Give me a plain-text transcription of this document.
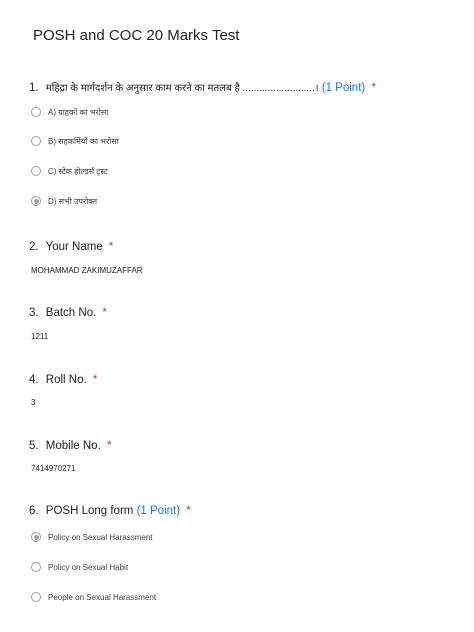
POSH and COC 20 Marks Test
1. महिद्रा के मार्गदर्शन के अनुसार काम करने का मतलब है ..........................। (1 Point) *
A) ग्राहकों का भरोसा
B) सहकर्मियों का भरोसा
C) स्टेक होल्डर्स ट्रस्ट
D) सभी उपरोक्त
2. Your Name *
MOHAMMAD ZAKIMUZAFFAR
3. Batch No. *
1211
4. Roll No. *
3
5. Mobile No. *
7414970271
6. POSH Long form (1 Point) *
Policy on Sexual Harassment
Policy on Sexual Habit
People on Sexual Harassment
